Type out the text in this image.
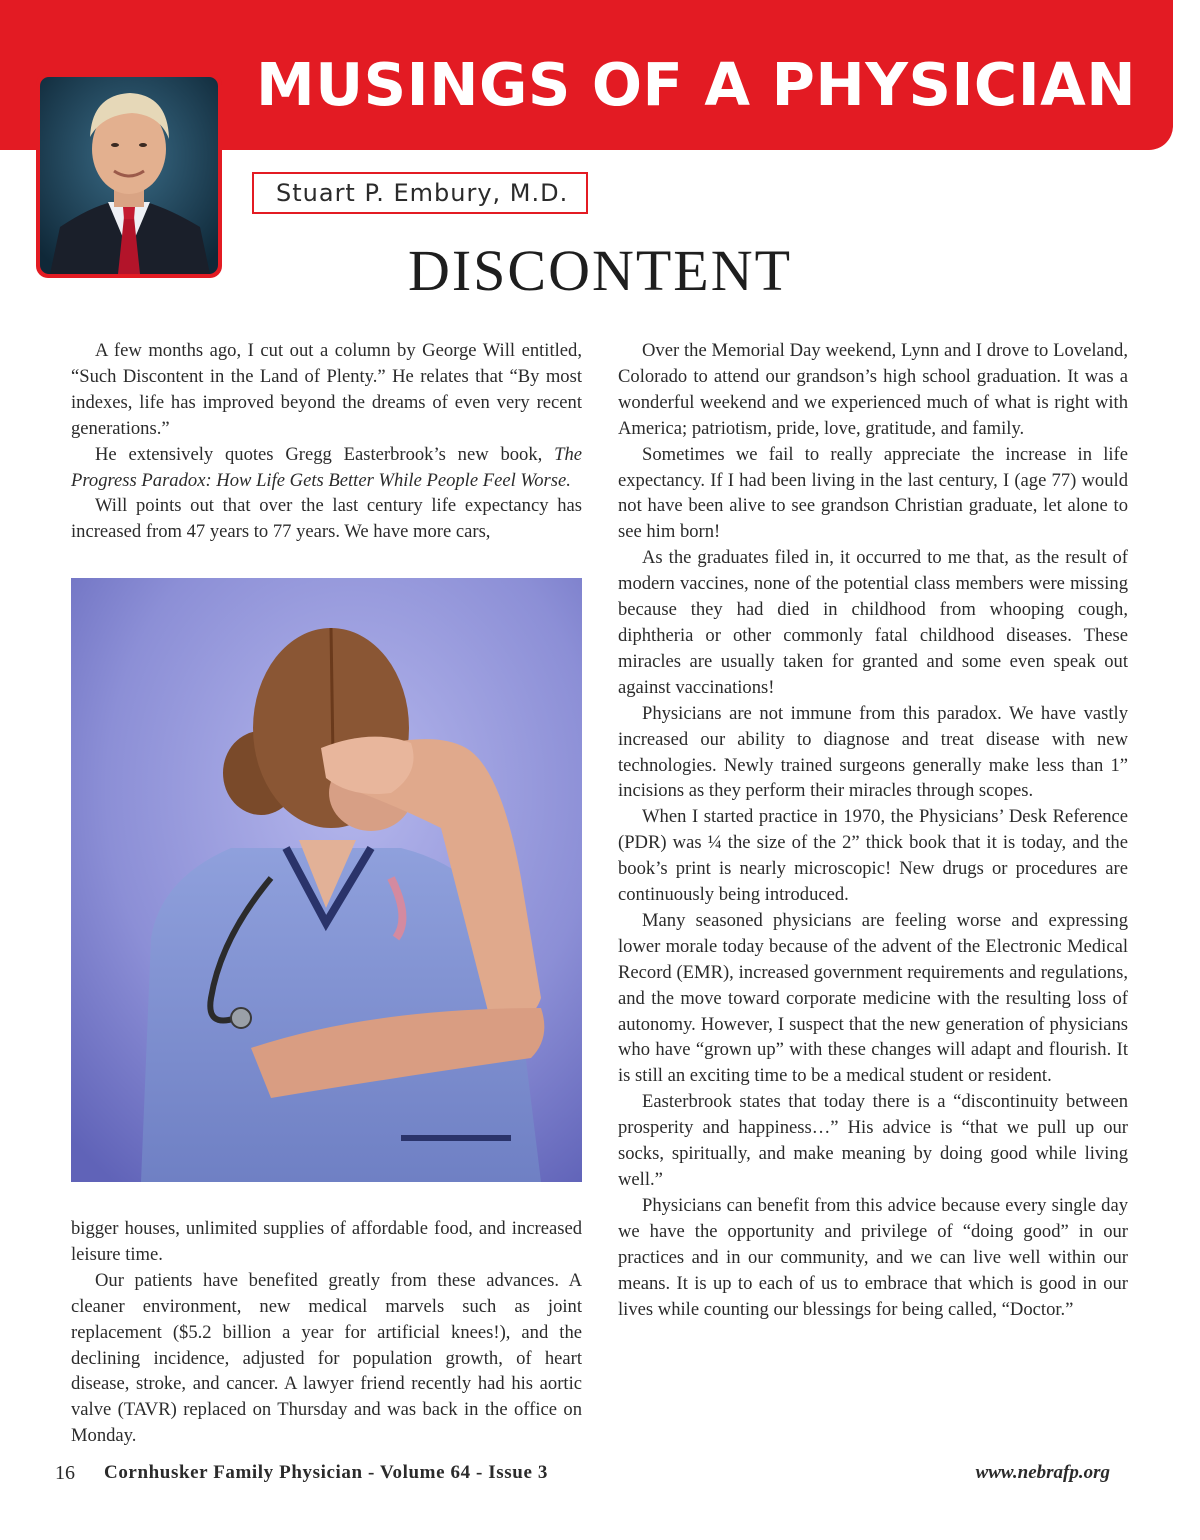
MUSINGS OF A PHYSICIAN
Stuart P. Embury, M.D.
DISCONTENT

A few months ago, I cut out a column by George Will entitled, “Such Discontent in the Land of Plenty.” He relates that “By most indexes, life has improved beyond the dreams of even very recent generations.”

He extensively quotes Gregg Easterbrook’s new book, The Progress Paradox: How Life Gets Better While People Feel Worse.

Will points out that over the last century life expectancy has increased from 47 years to 77 years. We have more cars,

bigger houses, unlimited supplies of affordable food, and increased leisure time.

Our patients have benefited greatly from these advances. A cleaner environment, new medical marvels such as joint replacement ($5.2 billion a year for artificial knees!), and the declining incidence, adjusted for population growth, of heart disease, stroke, and cancer. A lawyer friend recently had his aortic valve (TAVR) replaced on Thursday and was back in the office on Monday.

Over the Memorial Day weekend, Lynn and I drove to Loveland, Colorado to attend our grandson’s high school graduation. It was a wonderful weekend and we experienced much of what is right with America; patriotism, pride, love, gratitude, and family.

Sometimes we fail to really appreciate the increase in life expectancy. If I had been living in the last century, I (age 77) would not have been alive to see grandson Christian graduate, let alone to see him born!

As the graduates filed in, it occurred to me that, as the result of modern vaccines, none of the potential class members were missing because they had died in childhood from whooping cough, diphtheria or other commonly fatal childhood diseases. These miracles are usually taken for granted and some even speak out against vaccinations!

Physicians are not immune from this paradox. We have vastly increased our ability to diagnose and treat disease with new technologies. Newly trained surgeons generally make less than 1” incisions as they perform their miracles through scopes.

When I started practice in 1970, the Physicians’ Desk Reference (PDR) was ¼ the size of the 2” thick book that it is today, and the book’s print is nearly microscopic! New drugs or procedures are continuously being introduced.

Many seasoned physicians are feeling worse and expressing lower morale today because of the advent of the Electronic Medical Record (EMR), increased government requirements and regulations, and the move toward corporate medicine with the resulting loss of autonomy. However, I suspect that the new generation of physicians who have “grown up” with these changes will adapt and flourish. It is still an exciting time to be a medical student or resident.

Easterbrook states that today there is a “discontinuity between prosperity and happiness…” His advice is “that we pull up our socks, spiritually, and make meaning by doing good while living well.”

Physicians can benefit from this advice because every single day we have the opportunity and privilege of “doing good” in our practices and in our community, and we can live well within our means. It is up to each of us to embrace that which is good in our lives while counting our blessings for being called, “Doctor.”

16 Cornhusker Family Physician - Volume 64 - Issue 3	www.nebrafp.org
